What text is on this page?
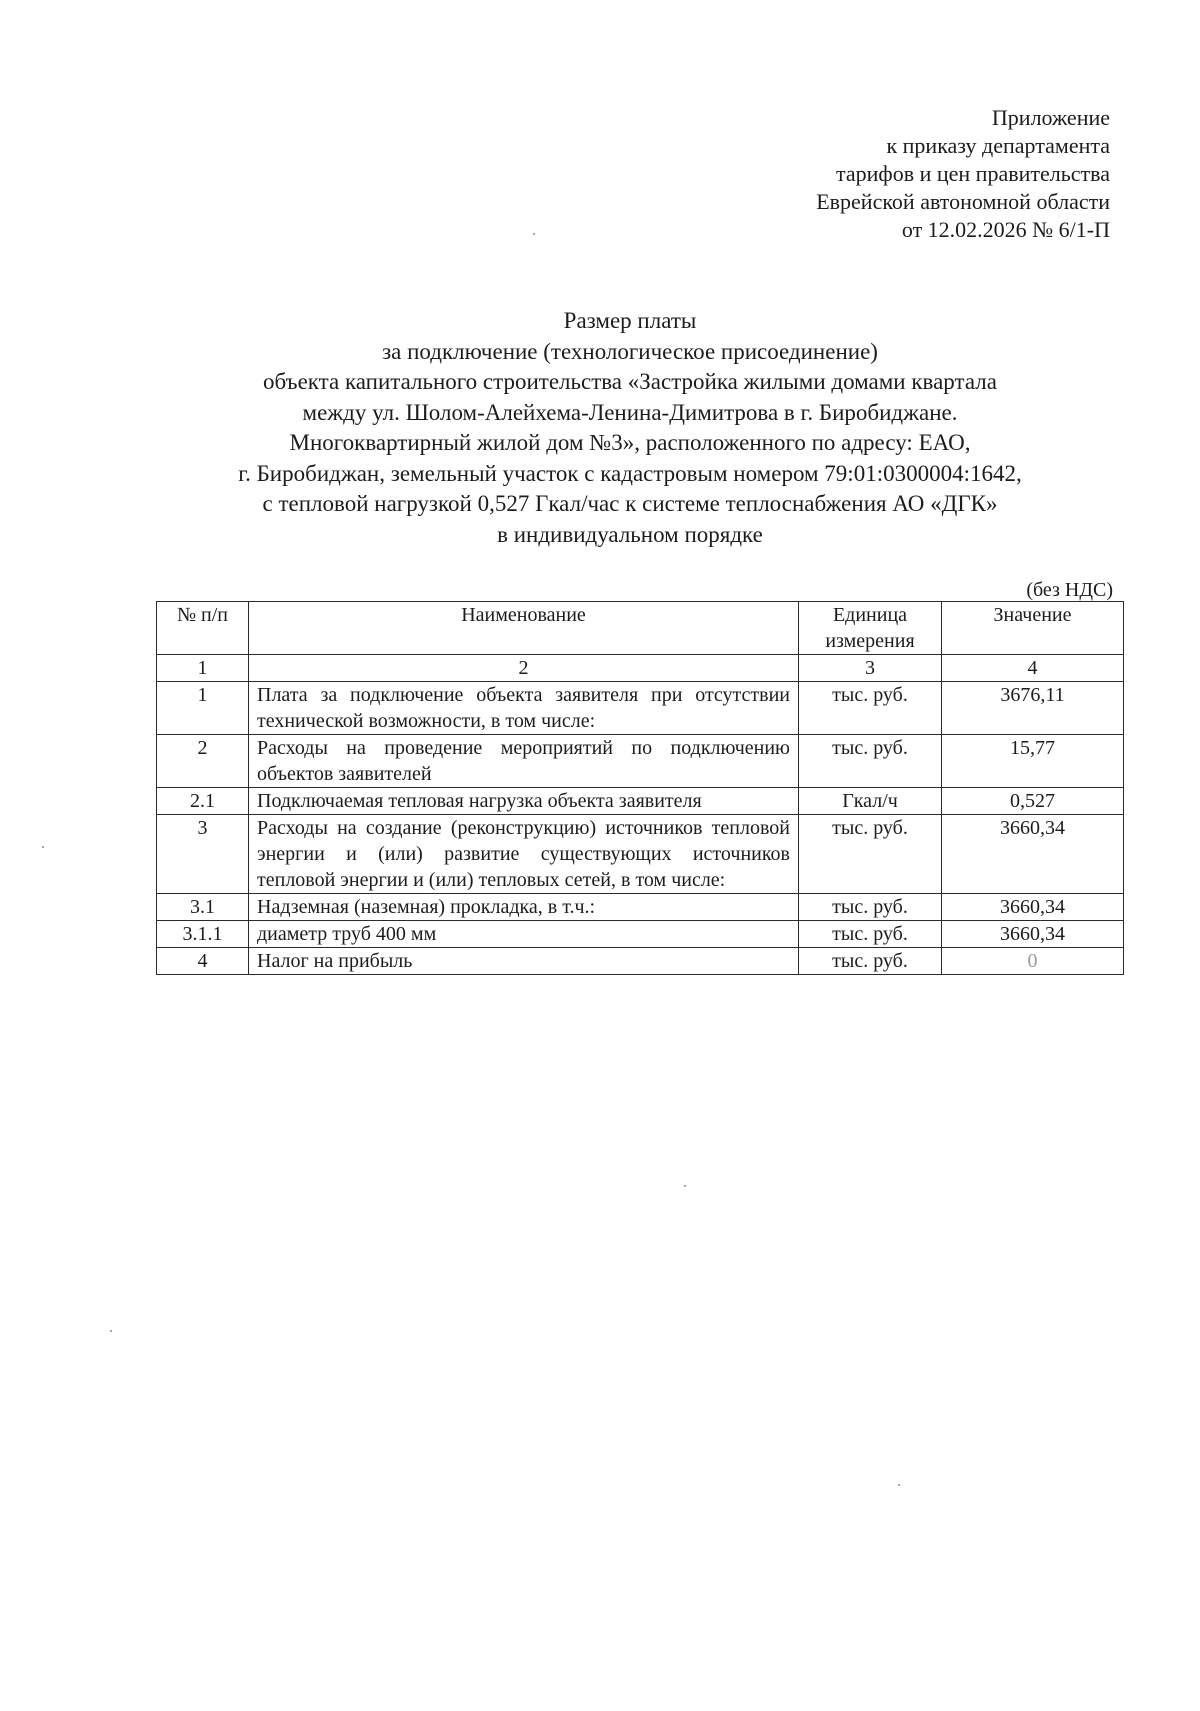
Приложение
к приказу департамента
тарифов и цен правительства
Еврейской автономной области
от 12.02.2026 № 6/1-П
Размер платы
за подключение (технологическое присоединение)
объекта капитального строительства «Застройка жилыми домами квартала
между ул. Шолом-Алейхема-Ленина-Димитрова в г. Биробиджане.
Многоквартирный жилой дом №3», расположенного по адресу: ЕАО,
г. Биробиджан, земельный участок с кадастровым номером 79:01:0300004:1642,
с тепловой нагрузкой 0,527 Гкал/час к системе теплоснабжения АО «ДГК»
в индивидуальном порядке
(без НДС)
№ п/п	Наименование	Единица измерения	Значение
1	2	3	4
1	Плата за подключение объекта заявителя при отсутствии технической возможности, в том числе:	тыс. руб.	3676,11
2	Расходы на проведение мероприятий по подключению объектов заявителей	тыс. руб.	15,77
2.1	Подключаемая тепловая нагрузка объекта заявителя	Гкал/ч	0,527
3	Расходы на создание (реконструкцию) источников тепловой энергии и (или) развитие существующих источников тепловой энергии и (или) тепловых сетей, в том числе:	тыс. руб.	3660,34
3.1	Надземная (наземная) прокладка, в т.ч.:	тыс. руб.	3660,34
3.1.1	диаметр труб 400 мм	тыс. руб.	3660,34
4	Налог на прибыль	тыс. руб.	0
